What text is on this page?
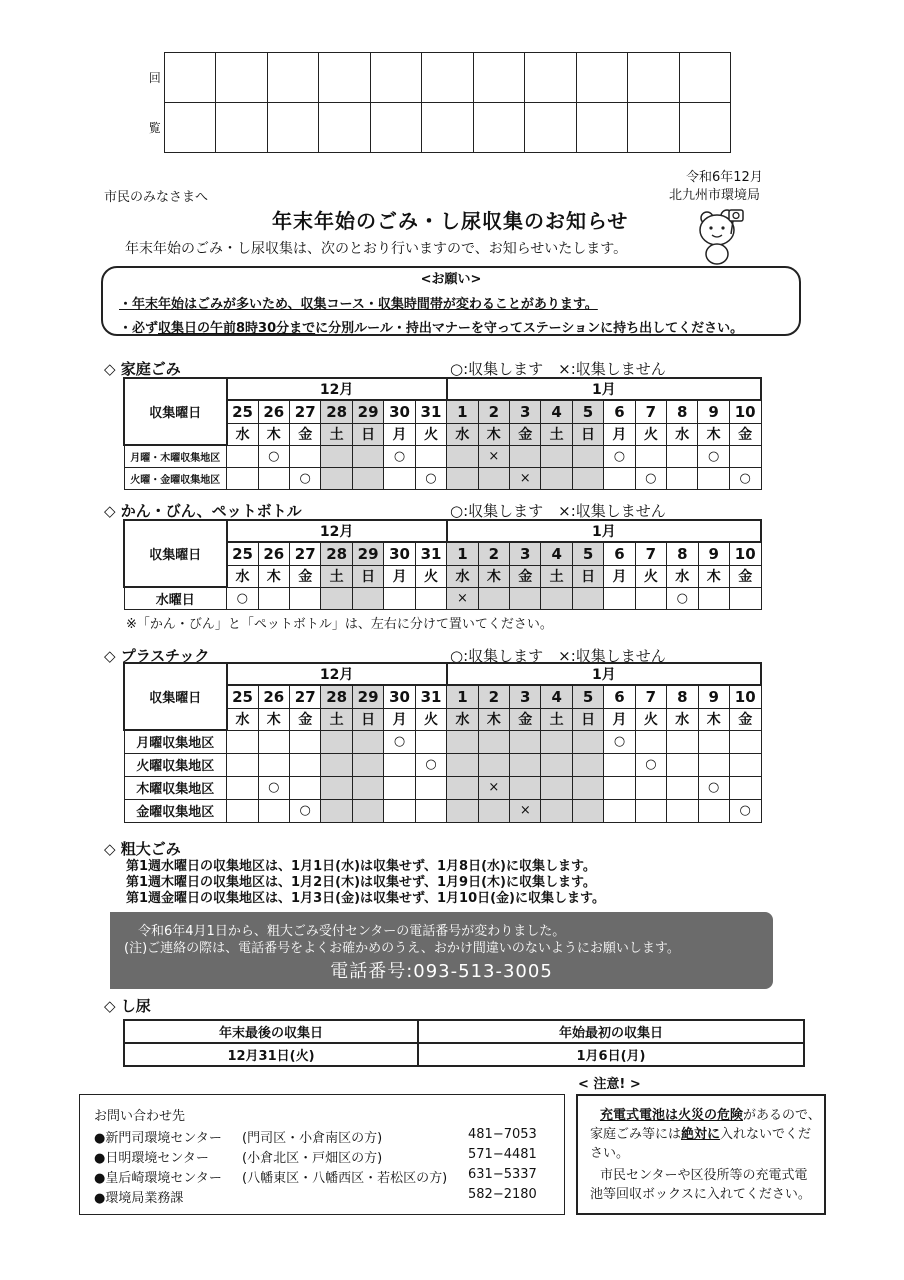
回											
覧											
市民のみなさまへ
令和6年12月
北九州市環境局
年末年始のごみ・し尿収集のお知らせ
年末年始のごみ・し尿収集は、次のとおり行いますので、お知らせいたします。
<お願い>
・年末年始はごみが多いため、収集コース・収集時間帯が変わることがあります。
・必ず収集日の午前8時30分までに分別ルール・持出マナーを守ってステーションに持ち出してください。
◇ 家庭ごみ	○:収集します　×:収集しません
収集曜日	12月							1月									
	25	26	27	28	29	30	31	1	2	3	4	5	6	7	8	9	10
	水	木	金	土	日	月	火	水	木	金	土	日	月	火	水	木	金
月曜・木曜収集地区		○				○			×				○			○	
火曜・金曜収集地区			○				○			×				○			○
◇ かん・びん、ペットボトル	○:収集します　×:収集しません
収集曜日	12月							1月									
	25	26	27	28	29	30	31	1	2	3	4	5	6	7	8	9	10
	水	木	金	土	日	月	火	水	木	金	土	日	月	火	水	木	金
水曜日	○							×							○		
※「かん・びん」と「ペットボトル」は、左右に分けて置いてください。
◇ プラスチック	○:収集します　×:収集しません
収集曜日	12月							1月									
	25	26	27	28	29	30	31	1	2	3	4	5	6	7	8	9	10
	水	木	金	土	日	月	火	水	木	金	土	日	月	火	水	木	金
月曜収集地区						○							○				
火曜収集地区							○							○			
木曜収集地区		○							×							○	
金曜収集地区			○							×							○
◇ 粗大ごみ
第1週水曜日の収集地区は、1月1日(水)は収集せず、1月8日(水)に収集します。
第1週木曜日の収集地区は、1月2日(木)は収集せず、1月9日(木)に収集します。
第1週金曜日の収集地区は、1月3日(金)は収集せず、1月10日(金)に収集します。
令和6年4月1日から、粗大ごみ受付センターの電話番号が変わりました。
(注)ご連絡の際は、電話番号をよくお確かめのうえ、おかけ間違いのないようにお願いします。
電話番号:093-513-3005
◇ し尿
年末最後の収集日	年始最初の収集日
12月31日(火)	1月6日(月)
お問い合わせ先
●新門司環境センター (門司区・小倉南区の方)	481−7053
●日明環境センター	(小倉北区・戸畑区の方)	571−4481
●皇后崎環境センター (八幡東区・八幡西区・若松区の方) 631−5337
●環境局業務課	582−2180
< 注意! >
充電式電池は火災の危険があるので、
家庭ごみ等には絶対に入れないでくだ
さい。
市民センターや区役所等の充電式電
池等回収ボックスに入れてください。
